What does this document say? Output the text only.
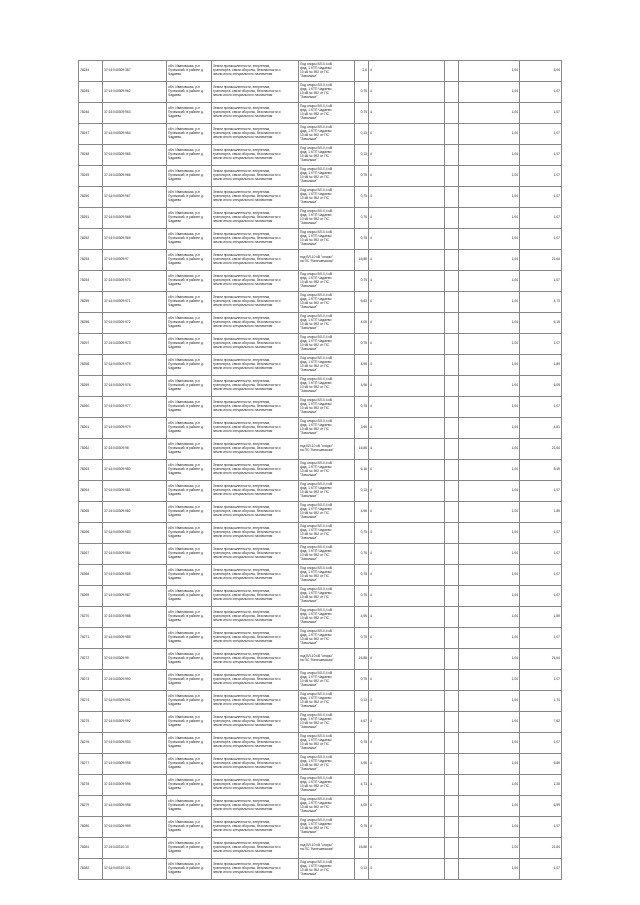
78244	37:14:040309:387	обл. Ивановская, р-н
Пучежский, в районе д.
Чадаево	Земли промышленности, энергетики,
транспорта, связи обороны, безопасности и
земли иного специального назначения	Под опоры ВЛ-0,4 кВ
фид. 1 КТП Чадаево
10 кВ № 592 от ПС
"Заволжье"	2,6	4		1,04	5,04
78245	37:14:040309:962	обл. Ивановская, р-н
Пучежский, в районе д.
Чадаево	Земли промышленности, энергетики,
транспорта, связи обороны, безопасности и
земли иного специального назначения	Под опоры ВЛ-0,4 кВ
фид. 1 КТП Чадаево
10 кВ № 592 от ПС
"Заволжье"	0,75	4		1,04	1,07
78246	37:14:040309:963	обл. Ивановская, р-н
Пучежский, в районе д.
Чадаево	Земли промышленности, энергетики,
транспорта, связи обороны, безопасности и
земли иного специального назначения	Под опоры ВЛ-0,4 кВ
фид. 1 КТП Чадаево
10 кВ № 592 от ПС
"Заволжье"	0,75	4		1,04	1,07
78247	37:14:040309:964	обл. Ивановская, р-н
Пучежский, в районе д.
Чадаево	Земли промышленности, энергетики,
транспорта, связи обороны, безопасности и
земли иного специального назначения	Под опоры ВЛ-0,4 кВ
фид. 1 КТП Чадаево
10 кВ № 592 от ПС
"Заволжье"	0,13	4		1,04	1,07
78248	37:14:040309:965	обл. Ивановская, р-н
Пучежский, в районе д.
Чадаево	Земли промышленности, энергетики,
транспорта, связи обороны, безопасности и
земли иного специального назначения	Под опоры ВЛ-0,4 кВ
фид. 1 КТП Чадаево
10 кВ № 592 от ПС
"Заволжье"	0,13	4		1,04	1,07
78249	37:14:040309:966	обл. Ивановская, р-н
Пучежский, в районе д.
Чадаево	Земли промышленности, энергетики,
транспорта, связи обороны, безопасности и
земли иного специального назначения	Под опоры ВЛ-0,4 кВ
фид. 1 КТП Чадаево
10 кВ № 592 от ПС
"Заволжье"	0,75	4		1,04	1,07
78250	37:14:040309:967	обл. Ивановская, р-н
Пучежский, в районе д.
Чадаево	Земли промышленности, энергетики,
транспорта, связи обороны, безопасности и
земли иного специального назначения	Под опоры ВЛ-0,4 кВ
фид. 1 КТП Чадаево
10 кВ № 592 от ПС
"Заволжье"	0,75	4		1,04	1,07
78251	37:14:040309:968	обл. Ивановская, р-н
Пучежский, в районе д.
Чадаево	Земли промышленности, энергетики,
транспорта, связи обороны, безопасности и
земли иного специального назначения	Под опоры ВЛ-0,4 кВ
фид. 1 КТП Чадаево
10 кВ № 592 от ПС
"Заволжье"	0,75	4		1,04	1,07
78252	37:14:040309:969	обл. Ивановская, р-н
Пучежский, в районе д.
Чадаево	Земли промышленности, энергетики,
транспорта, связи обороны, безопасности и
земли иного специального назначения	Под опоры ВЛ-0,4 кВ
фид. 1 КТП Чадаево
10 кВ № 592 от ПС
"Заволжье"	0,75	4		1,04	1,07
78253	37:14:040309:97	обл. Ивановская, р-н
Пучежский, в районе д.
Чадаево	Земли промышленности, энергетики,
транспорта, связи обороны, безопасности и
земли иного специального назначения	под ВЛ-10 кВ "опоры"
на ПС "Кинешемская"	16,88	4		1,04	21,64
78254	37:14:040309:970	обл. Ивановская, р-н
Пучежский, в районе д.
Чадаево	Земли промышленности, энергетики,
транспорта, связи обороны, безопасности и
земли иного специального назначения	Под опоры ВЛ-0,4 кВ
фид. 1 КТП Чадаево
10 кВ № 592 от ПС
"Заволжье"	0,75	4		1,04	1,07
78255	37:14:040309:971	обл. Ивановская, р-н
Пучежский, в районе д.
Чадаево	Земли промышленности, энергетики,
транспорта, связи обороны, безопасности и
земли иного специального назначения	Под опоры ВЛ-0,4 кВ
фид. 1 КТП Чадаево
10 кВ № 592 от ПС
"Заволжье"	6,63	4		1,04	4,73
78256	37:14:040309:972	обл. Ивановская, р-н
Пучежский, в районе д.
Чадаево	Земли промышленности, энергетики,
транспорта, связи обороны, безопасности и
земли иного специального назначения	Под опоры ВЛ-0,4 кВ
фид. 1 КТП Чадаево
10 кВ № 592 от ПС
"Заволжье"	4,05	4		1,04	6,15
78257	37:14:040309:973	обл. Ивановская, р-н
Пучежский, в районе д.
Чадаево	Земли промышленности, энергетики,
транспорта, связи обороны, безопасности и
земли иного специального назначения	Под опоры ВЛ-0,4 кВ
фид. 1 КТП Чадаево
10 кВ № 592 от ПС
"Заволжье"	0,75	4		1,04	1,07
78258	37:14:040309:975	обл. Ивановская, р-н
Пучежский, в районе д.
Чадаево	Земли промышленности, энергетики,
транспорта, связи обороны, безопасности и
земли иного специального назначения	Под опоры ВЛ-0,4 кВ
фид. 1 КТП Чадаево
10 кВ № 592 от ПС
"Заволжье"	4,96	4		1,04	1,89
78259	37:14:040309:976	обл. Ивановская, р-н
Пучежский, в районе д.
Чадаево	Земли промышленности, энергетики,
транспорта, связи обороны, безопасности и
земли иного специального назначения	Под опоры ВЛ-0,4 кВ
фид. 1 КТП Чадаево
10 кВ № 592 от ПС
"Заволжье"	4,96	4		1,04	6,05
78260	37:14:040309:977	обл. Ивановская, р-н
Пучежский, в районе д.
Чадаево	Земли промышленности, энергетики,
транспорта, связи обороны, безопасности и
земли иного специального назначения	Под опоры ВЛ-0,4 кВ
фид. 1 КТП Чадаево
10 кВ № 592 от ПС
"Заволжье"	0,75	4		1,04	1,07
78261	37:14:040309:979	обл. Ивановская, р-н
Пучежский, в районе д.
Чадаево	Земли промышленности, энергетики,
транспорта, связи обороны, безопасности и
земли иного специального назначения	Под опоры ВЛ-0,4 кВ
фид. 1 КТП Чадаево
10 кВ № 592 от ПС
"Заволжье"	3,66	4		1,04	4,81
78262	37:14:040309:98	обл. Ивановская, р-н
Пучежский, в районе д.
Чадаево	Земли промышленности, энергетики,
транспорта, связи обороны, безопасности и
земли иного специального назначения	под ВЛ-10 кВ "опоры"
на ПС "Кинешемская"	16,88	4		1,04	21,64
78263	37:14:040309:980	обл. Ивановская, р-н
Пучежский, в районе д.
Чадаево	Земли промышленности, энергетики,
транспорта, связи обороны, безопасности и
земли иного специального назначения	Под опоры ВЛ-0,4 кВ
фид. 1 КТП Чадаево
10 кВ № 592 от ПС
"Заволжье"	6,16	4		1,04	8,49
78264	37:14:040309:981	обл. Ивановская, р-н
Пучежский, в районе д.
Чадаево	Земли промышленности, энергетики,
транспорта, связи обороны, безопасности и
земли иного специального назначения	Под опоры ВЛ-0,4 кВ
фид. 1 КТП Чадаево
10 кВ № 592 от ПС
"Заволжье"	0,13	4		1,04	1,07
78265	37:14:040309:982	обл. Ивановская, р-н
Пучежский, в районе д.
Чадаево	Земли промышленности, энергетики,
транспорта, связи обороны, безопасности и
земли иного специального назначения	Под опоры ВЛ-0,4 кВ
фид. 1 КТП Чадаево
10 кВ № 592 от ПС
"Заволжье"	4,96	4		1,04	1,89
78266	37:14:040309:983	обл. Ивановская, р-н
Пучежский, в районе д.
Чадаево	Земли промышленности, энергетики,
транспорта, связи обороны, безопасности и
земли иного специального назначения	Под опоры ВЛ-0,4 кВ
фид. 1 КТП Чадаево
10 кВ № 592 от ПС
"Заволжье"	0,75	4		1,04	1,07
78267	37:14:040309:984	обл. Ивановская, р-н
Пучежский, в районе д.
Чадаево	Земли промышленности, энергетики,
транспорта, связи обороны, безопасности и
земли иного специального назначения	Под опоры ВЛ-0,4 кВ
фид. 1 КТП Чадаево
10 кВ № 592 от ПС
"Заволжье"	0,75	4		1,04	1,07
78268	37:14:040309:985	обл. Ивановская, р-н
Пучежский, в районе д.
Чадаево	Земли промышленности, энергетики,
транспорта, связи обороны, безопасности и
земли иного специального назначения	Под опоры ВЛ-0,4 кВ
фид. 1 КТП Чадаево
10 кВ № 592 от ПС
"Заволжье"	0,75	4		1,04	1,07
78269	37:14:040309:987	обл. Ивановская, р-н
Пучежский, в районе д.
Чадаево	Земли промышленности, энергетики,
транспорта, связи обороны, безопасности и
земли иного специального назначения	Под опоры ВЛ-0,4 кВ
фид. 1 КТП Чадаево
10 кВ № 592 от ПС
"Заволжье"	0,75	4		1,04	1,07
78270	37:14:040309:988	обл. Ивановская, р-н
Пучежский, в районе д.
Чадаево	Земли промышленности, энергетики,
транспорта, связи обороны, безопасности и
земли иного специального назначения	Под опоры ВЛ-0,4 кВ
фид. 1 КТП Чадаево
10 кВ № 592 от ПС
"Заволжье"	4,96	4		1,04	1,89
78271	37:14:040309:989	обл. Ивановская, р-н
Пучежский, в районе д.
Чадаево	Земли промышленности, энергетики,
транспорта, связи обороны, безопасности и
земли иного специального назначения	Под опоры ВЛ-0,4 кВ
фид. 1 КТП Чадаево
10 кВ № 592 от ПС
"Заволжье"	0,75	4		1,04	1,07
78272	37:14:040309:99	обл. Ивановская, р-н
Пучежский, в районе д.
Чадаево	Земли промышленности, энергетики,
транспорта, связи обороны, безопасности и
земли иного специального назначения	под ВЛ-10 кВ "опоры"
на ПС "Кинешемская"	16,88	4		1,04	21,64
78273	37:14:040309:990	обл. Ивановская, р-н
Пучежский, в районе д.
Чадаево	Земли промышленности, энергетики,
транспорта, связи обороны, безопасности и
земли иного специального назначения	Под опоры ВЛ-0,4 кВ
фид. 1 КТП Чадаево
10 кВ № 592 от ПС
"Заволжье"	0,75	4		1,04	1,07
78274	37:14:040309:991	обл. Ивановская, р-н
Пучежский, в районе д.
Чадаево	Земли промышленности, энергетики,
транспорта, связи обороны, безопасности и
земли иного специального назначения	Под опоры ВЛ-0,4 кВ
фид. 1 КТП Чадаево
10 кВ № 592 от ПС
"Заволжье"	0,13	4		1,04	1,74
78275	37:14:040309:992	обл. Ивановская, р-н
Пучежский, в районе д.
Чадаево	Земли промышленности, энергетики,
транспорта, связи обороны, безопасности и
земли иного специального назначения	Под опоры ВЛ-0,4 кВ
фид. 1 КТП Чадаево
10 кВ № 592 от ПС
"Заволжье"	4,67	4		1,04	7,62
78276	37:14:040309:993	обл. Ивановская, р-н
Пучежский, в районе д.
Чадаево	Земли промышленности, энергетики,
транспорта, связи обороны, безопасности и
земли иного специального назначения	Под опоры ВЛ-0,4 кВ
фид. 1 КТП Чадаево
10 кВ № 592 от ПС
"Заволжье"	0,75	4		1,04	1,07
78277	37:14:040309:995	обл. Ивановская, р-н
Пучежский, в районе д.
Чадаево	Земли промышленности, энергетики,
транспорта, связи обороны, безопасности и
земли иного специального назначения	Под опоры ВЛ-0,4 кВ
фид. 1 КТП Чадаево
10 кВ № 592 от ПС
"Заволжье"	4,96	4		1,04	6,89
78278	37:14:040309:996	обл. Ивановская, р-н
Пучежский, в районе д.
Чадаево	Земли промышленности, энергетики,
транспорта, связи обороны, безопасности и
земли иного специального назначения	Под опоры ВЛ-0,4 кВ
фид. 1 КТП Чадаево
10 кВ № 592 от ПС
"Заволжье"	4,73	4		1,04	1,26
78279	37:14:040309:998	обл. Ивановская, р-н
Пучежский, в районе д.
Чадаево	Земли промышленности, энергетики,
транспорта, связи обороны, безопасности и
земли иного специального назначения	Под опоры ВЛ-0,4 кВ
фид. 1 КТП Чадаево
10 кВ № 592 от ПС
"Заволжье"	4,05	4		1,04	6,99
78280	37:14:040309:999	обл. Ивановская, р-н
Пучежский, в районе д.
Чадаево	Земли промышленности, энергетики,
транспорта, связи обороны, безопасности и
земли иного специального назначения	Под опоры ВЛ-0,4 кВ
фид. 1 КТП Чадаево
10 кВ № 592 от ПС
"Заволжье"	0,75	4		1,04	1,07
78281	37:14:040310:10	обл. Ивановская, р-н
Пучежский, в районе д.
Чадаево	Земли промышленности, энергетики,
транспорта, связи обороны, безопасности и
земли иного специального назначения	под ВЛ-10 кВ "опоры"
на ПС "Кинешемская"	16,88	4		1,04	21,64
78282	37:14:040310:101	обл. Ивановская, р-н
Пучежский, в районе д.
Чадаево	Земли промышленности, энергетики,
транспорта, связи обороны, безопасности и
земли иного специального назначения	Под опоры ВЛ-0,4 кВ
фид. 1 КТП Чадаево
10 кВ № 592 от ПС
"Заволжье"	0,13	4		1,04	1,07
